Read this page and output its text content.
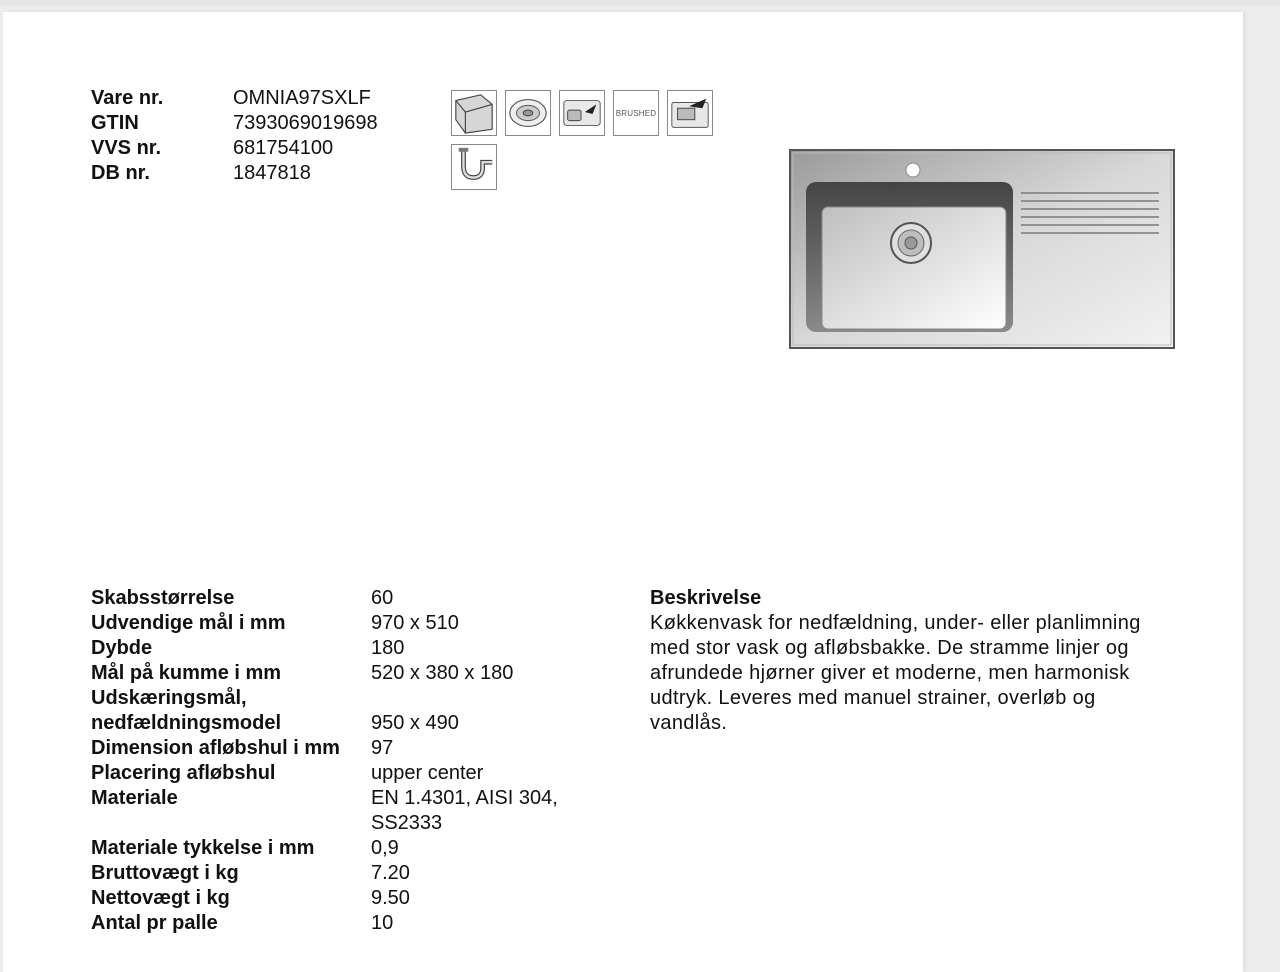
Vare nr.	OMNIA97SXLF
GTIN	7393069019698
VVS nr.	681754100
DB nr.	1847818
BRUSHED
Skabsstørrelse	60
Udvendige mål i mm	970 x 510
Dybde	180
Mål på kumme i mm	520 x 380 x 180
Udskæringsmål,
nedfældningsmodel	950 x 490
Dimension afløbshul i mm	97
Placering afløbshul	upper center
Materiale	EN 1.4301, AISI 304,
SS2333
Materiale tykkelse i mm	0,9
Bruttovægt i kg	7.20
Nettovægt i kg	9.50
Antal pr palle	10
Beskrivelse
Køkkenvask for nedfældning, under- eller planlimning
med stor vask og afløbsbakke. De stramme linjer og
afrundede hjørner giver et moderne, men harmonisk
udtryk. Leveres med manuel strainer, overløb og
vandlås.
